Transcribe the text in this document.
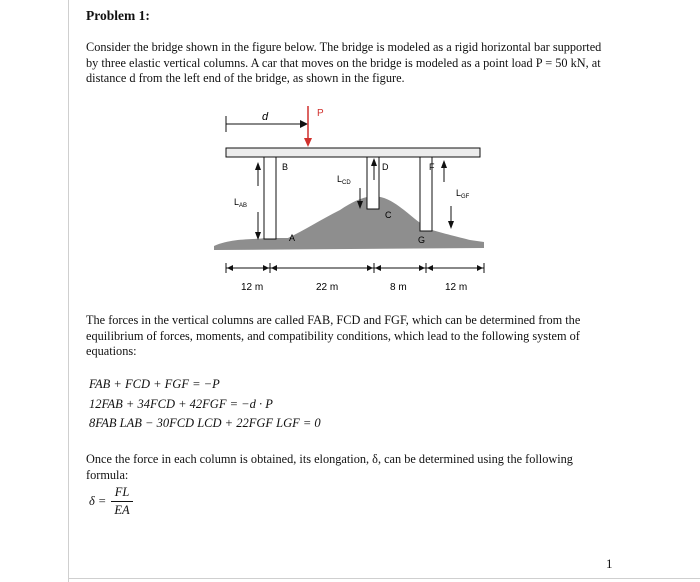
Problem 1:
Consider the bridge shown in the figure below. The bridge is modeled as a rigid horizontal bar supported by three elastic vertical columns. A car that moves on the bridge is modeled as a point load P = 50 kN, at distance d from the left end of the bridge, as shown in the figure.
d	P
$L_{AB}$
B
A
$L_{CD}$
D
C
$L_{GF}$
F
G
12 m	22 m	8 m	12 m
The forces in the vertical columns are called FAB, FCD and FGF, which can be determined from the equilibrium of forces, moments, and compatibility conditions, which lead to the following system of equations:
FAB + FCD + FGF = −P
12FAB + 34FCD + 42FGF = −d · P
8FAB LAB − 30FCD LCD + 22FGF LGF = 0
Once the force in each column is obtained, its elongation, δ, can be determined using the following formula:
$\delta = \frac{FL}{EA}$
1
